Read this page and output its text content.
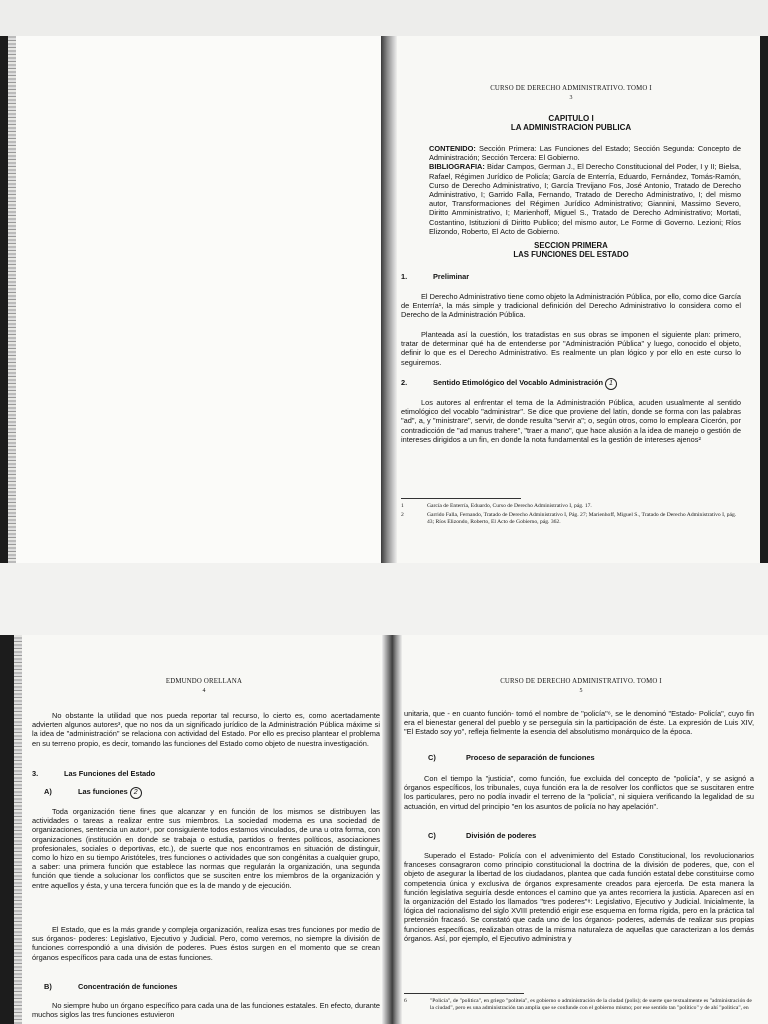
CURSO DE DERECHO ADMINISTRATIVO. TOMO I
3
CAPITULO I
LA ADMINISTRACION PUBLICA
CONTENIDO: Sección Primera: Las Funciones del Estado; Sección Segunda: Concepto de Administración; Sección Tercera: El Gobierno.
BIBLIOGRAFIA: Bidar Campos, German J., El Derecho Constitucional del Poder, I y II; Bielsa, Rafael, Régimen Jurídico de Policía; García de Enterría, Eduardo, Fernández, Tomás-Ramón, Curso de Derecho Administrativo, I; García Trevijano Fos, José Antonio, Tratado de Derecho Administrativo, I; Garrido Falla, Fernando, Tratado de Derecho Administrativo, I; del mismo autor, Transformaciones del Régimen Jurídico Administrativo; Giannini, Massimo Severo, Diritto Amministrativo, I; Marienhoff, Miguel S., Tratado de Derecho Administrativo; Mortati, Costantino, Istituzioni di Diritto Publico; del mismo autor, Le Forme di Governo. Lezioni; Ríos Elizondo, Roberto, El Acto de Gobierno.
SECCION PRIMERA
LAS FUNCIONES DEL ESTADO
1.	Preliminar

El Derecho Administrativo tiene como objeto la Administración Pública, por ello, como dice García de Enterría¹, la más simple y tradicional definición del Derecho Administrativo lo considera como el Derecho de la Administración Pública.

Planteada así la cuestión, los tratadistas en sus obras se imponen el siguiente plan: primero, tratar de determinar qué ha de entenderse por "Administración Pública" y luego, conocido el objeto, definir lo que es el Derecho Administrativo. Es realmente un plan lógico y por ello en este curso lo seguiremos.

2.	Sentido Etimológico del Vocablo Administración 1

Los autores al enfrentar el tema de la Administración Pública, acuden usualmente al sentido etimológico del vocablo "administrar". Se dice que proviene del latín, donde se forma con las palabras "ad", a, y "ministrare", servir, de donde resulta "servir a"; o, según otros, como lo empleara Cicerón, por contradicción de "ad manus trahere", "traer a mano", que hace alusión a la idea de manejo o gestión de intereses dirigidos a un fin, en donde la nota fundamental es la gestión de intereses ajenos²

1	García de Enterría, Eduardo, Curso de Derecho Administrativo I, pág. 17.
2	Garrido Falla, Fernando, Tratado de Derecho Administrativo I, Pág. 27; Marienhoff, Miguel S., Tratado de Derecho Administrativo I, pág. 43; Ríos Elizondo, Roberto, El Acto de Gobierno, pág. 362.
EDMUNDO ORELLANA
4

No obstante la utilidad que nos pueda reportar tal recurso, lo cierto es, como acertadamente advierten algunos autores³, que no nos da un significado jurídico de la Administración Pública máxime si la idea de "administración" se relaciona con actividad del Estado. Por ello es preciso plantear el problema en su terreno propio, es decir, tomando las funciones del Estado como objeto de nuestra investigación.

3.	Las Funciones del Estado
A)	Las funciones 2

Toda organización tiene fines que alcanzar y en función de los mismos se distribuyen las actividades o tareas a realizar entre sus miembros. La sociedad moderna es una sociedad de organizaciones, sentencia un autor⁴, por consiguiente todos estamos vinculados, de una u otra forma, con organizaciones (institución en donde se trabaja o estudia, partidos o frentes políticos, asociaciones profesionales, sociales o deportivas, etc.), de suerte que nos encontramos en situación de distinguir, como lo hizo en su tiempo Aristóteles, tres funciones o actividades que son congénitas a cualquier grupo, a saber: una primera función que establece las normas que regularán la organización, una segunda función que tiende a solucionar los conflictos que se susciten entre los miembros de la organización y entre aquellos y ésta, y una tercera función que es la de mando y de ejecución.

El Estado, que es la más grande y compleja organización, realiza esas tres funciones por medio de sus órganos- poderes: Legislativo, Ejecutivo y Judicial. Pero, como veremos, no siempre la división de funciones correspondió a una división de poderes. Pues éstos surgen en el momento que se crean órganos específicos para cada una de estas funciones.

B)	Concentración de funciones

No siempre hubo un órgano específico para cada una de las funciones estatales. En efecto, durante muchos siglos las tres funciones estuvieron

CURSO DE DERECHO ADMINISTRATIVO. TOMO I
5

unitaria, que - en cuanto función- tomó el nombre de "policía"⁶, se le denominó "Estado- Policía", cuyo fin era el bienestar general del pueblo y se perseguía sin la participación de éste. La expresión de Luis XIV, "El Estado soy yo", refleja fielmente la esencia del absolutismo monárquico de la época.

C)	Proceso de separación de funciones

Con el tiempo la "justicia", como función, fue excluida del concepto de "policía", y se asignó a órganos específicos, los tribunales, cuya función era la de resolver los conflictos que se suscitaren entre los particulares, pero no podía invadir el terreno de la "policía", ni siquiera verificando la legalidad de su actuación, en virtud del principio "en los asuntos de policía no hay apelación".

C)	División de poderes

Superado el Estado- Policía con el advenimiento del Estado Constitucional, los revolucionarios franceses consagraron como principio constitucional la doctrina de la división de poderes, que, con el objeto de asegurar la libertad de los ciudadanos, plantea que cada función estatal debe constituirse como competencia única y exclusiva de órganos expresamente creados para ejercerla. De esta manera la función legislativa seguiría desde entonces el camino que ya antes recorriera la justicia. Aparecen así en la organización del Estado los llamados "tres poderes"⁸: Legislativo, Ejecutivo y Judicial. Inicialmente, la lógica del racionalismo del siglo XVIII pretendió erigir ese esquema en forma rígida, pero en la práctica tal pretensión fracasó. Se constató que cada uno de los órganos- poderes, además de realizar sus propias funciones específicas, realizaban otras de la misma naturaleza de aquellas que caracterizan a los demás órganos. Así, por ejemplo, el Ejecutivo administra y

6	"Policía", de "politica", en griego "politeia", es gobierno o administración de la ciudad (polis); de suerte que textualmente es "administración de la ciudad", pero es una administración tan amplia que se confunde con el gobierno mismo; por ese sentido tan "político" y de ahí "política", en
